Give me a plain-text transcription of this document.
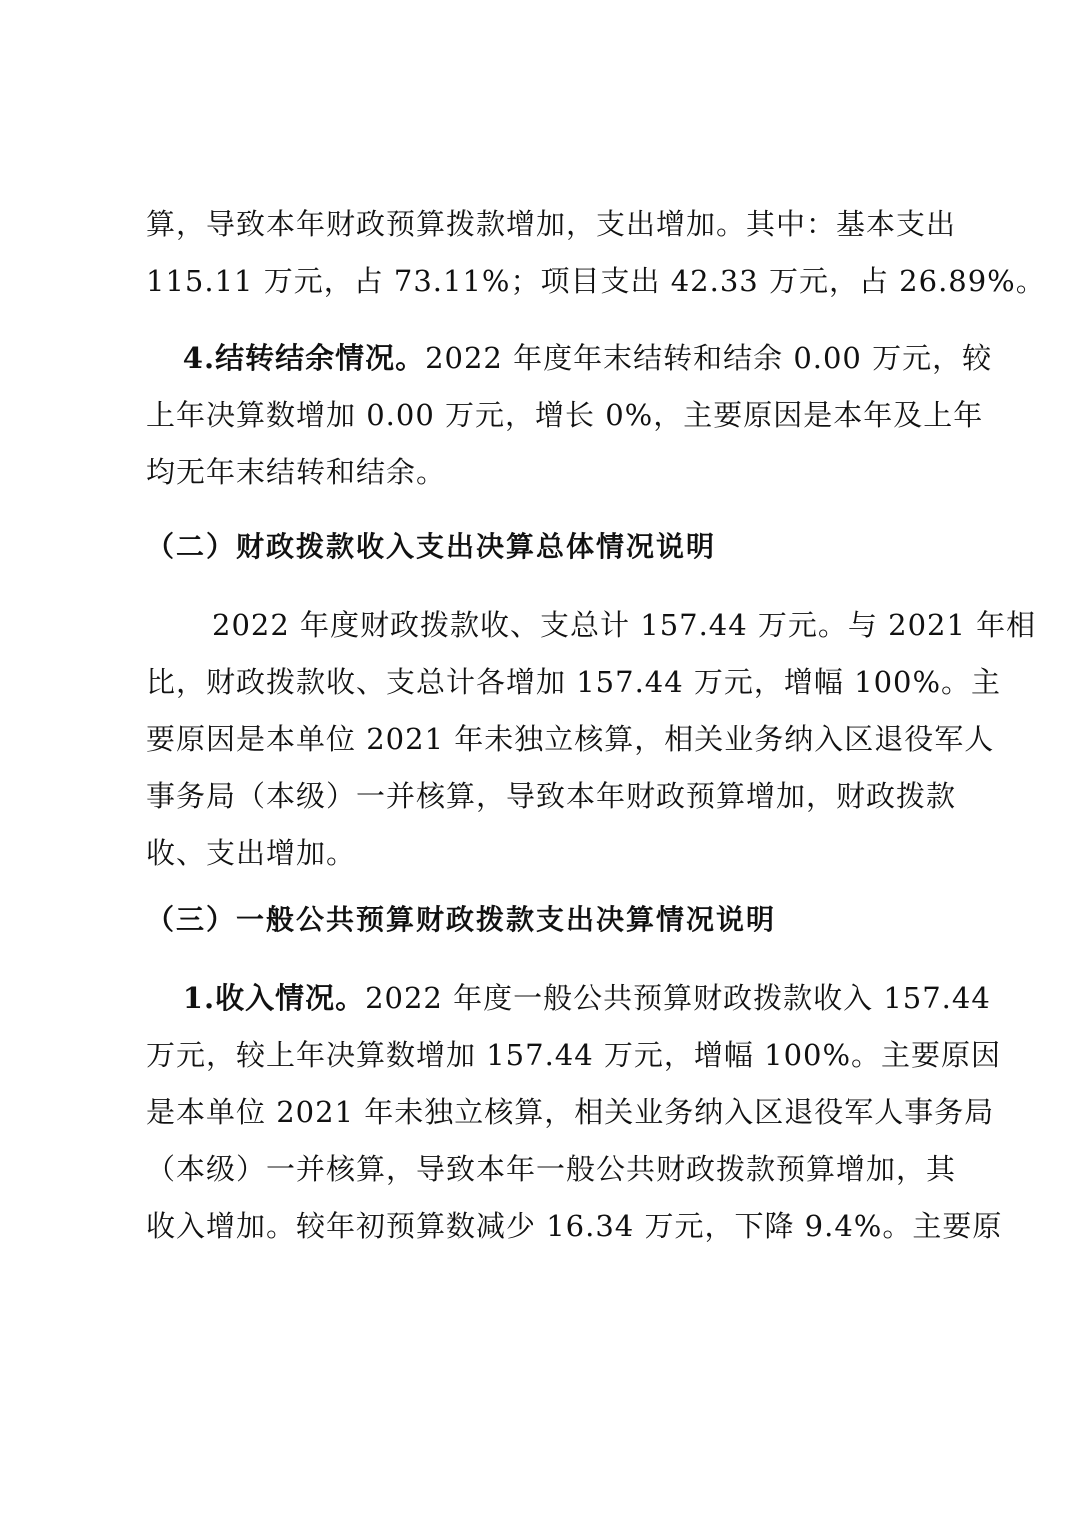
算，导致本年财政预算拨款增加，支出增加。其中：基本支出
115.11 万元，占 73.11%；项目支出 42.33 万元，占 26.89%。
  4.结转结余情况。2022 年度年末结转和结余 0.00 万元，较
上年决算数增加 0.00 万元，增长 0%，主要原因是本年及上年
均无年末结转和结余。
（二）财政拨款收入支出决算总体情况说明
2022 年度财政拨款收、支总计 157.44 万元。与 2021 年相
比，财政拨款收、支总计各增加 157.44 万元，增幅 100%。主
要原因是本单位 2021 年未独立核算，相关业务纳入区退役军人
事务局（本级）一并核算，导致本年财政预算增加，财政拨款
收、支出增加。
（三）一般公共预算财政拨款支出决算情况说明
  1.收入情况。2022 年度一般公共预算财政拨款收入 157.44
万元，较上年决算数增加 157.44 万元，增幅 100%。主要原因
是本单位 2021 年未独立核算，相关业务纳入区退役军人事务局
（本级）一并核算，导致本年一般公共财政拨款预算增加，其
收入增加。较年初预算数减少 16.34 万元，下降 9.4%。主要原
